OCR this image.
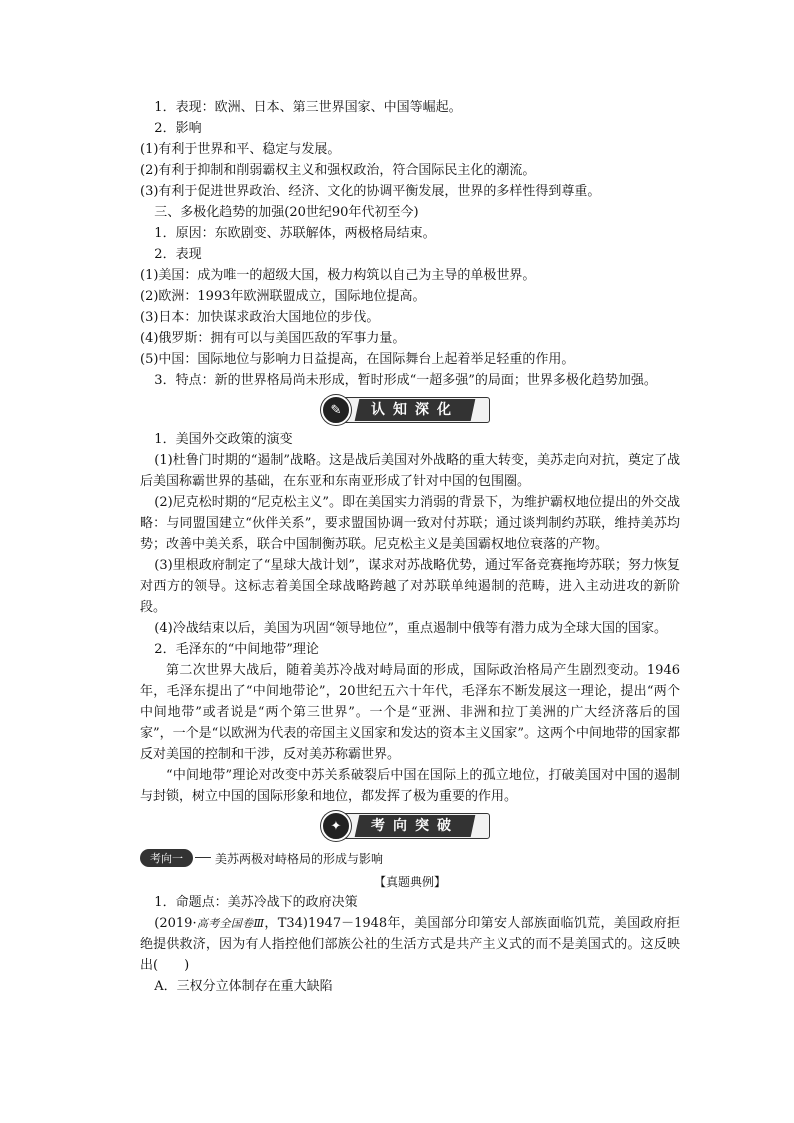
1．表现：欧洲、日本、第三世界国家、中国等崛起。

2．影响

(1)有利于世界和平、稳定与发展。

(2)有利于抑制和削弱霸权主义和强权政治，符合国际民主化的潮流。

(3)有利于促进世界政治、经济、文化的协调平衡发展，世界的多样性得到尊重。

三、多极化趋势的加强(20世纪90年代初至今)

1．原因：东欧剧变、苏联解体，两极格局结束。

2．表现

(1)美国：成为唯一的超级大国，极力构筑以自己为主导的单极世界。

(2)欧洲：1993年欧洲联盟成立，国际地位提高。

(3)日本：加快谋求政治大国地位的步伐。

(4)俄罗斯：拥有可以与美国匹敌的军事力量。

(5)中国：国际地位与影响力日益提高，在国际舞台上起着举足轻重的作用。

3．特点：新的世界格局尚未形成，暂时形成“一超多强”的局面；世界多极化趋势加强。

✎	认知深化

1．美国外交政策的演变

(1)杜鲁门时期的“遏制”战略。这是战后美国对外战略的重大转变，美苏走向对抗，奠定了战后美国称霸世界的基础，在东亚和东南亚形成了针对中国的包围圈。

(2)尼克松时期的“尼克松主义”。即在美国实力消弱的背景下，为维护霸权地位提出的外交战略：与同盟国建立“伙伴关系”，要求盟国协调一致对付苏联；通过谈判制约苏联，维持美苏均势；改善中美关系，联合中国制衡苏联。尼克松主义是美国霸权地位衰落的产物。

(3)里根政府制定了“星球大战计划”，谋求对苏战略优势，通过军备竞赛拖垮苏联；努力恢复对西方的领导。这标志着美国全球战略跨越了对苏联单纯遏制的范畴，进入主动进攻的新阶段。

(4)冷战结束以后，美国为巩固“领导地位”，重点遏制中俄等有潜力成为全球大国的国家。

2．毛泽东的“中间地带”理论

第二次世界大战后，随着美苏冷战对峙局面的形成，国际政治格局产生剧烈变动。1946年，毛泽东提出了“中间地带论”，20世纪五六十年代，毛泽东不断发展这一理论，提出“两个中间地带”或者说是“两个第三世界”。一个是“亚洲、非洲和拉丁美洲的广大经济落后的国家”，一个是“以欧洲为代表的帝国主义国家和发达的资本主义国家”。这两个中间地带的国家都反对美国的控制和干涉，反对美苏称霸世界。

“中间地带”理论对改变中苏关系破裂后中国在国际上的孤立地位，打破美国对中国的遏制与封锁，树立中国的国际形象和地位，都发挥了极为重要的作用。

✦	考向突破
考向一	美苏两极对峙格局的形成与影响
【真题典例】

1．命题点：美苏冷战下的政府决策

(2019·高考全国卷Ⅲ，T34)1947－1948年，美国部分印第安人部族面临饥荒，美国政府拒绝提供救济，因为有人指控他们部族公社的生活方式是共产主义式的而不是美国式的。这反映出(　　)

A．三权分立体制存在重大缺陷
